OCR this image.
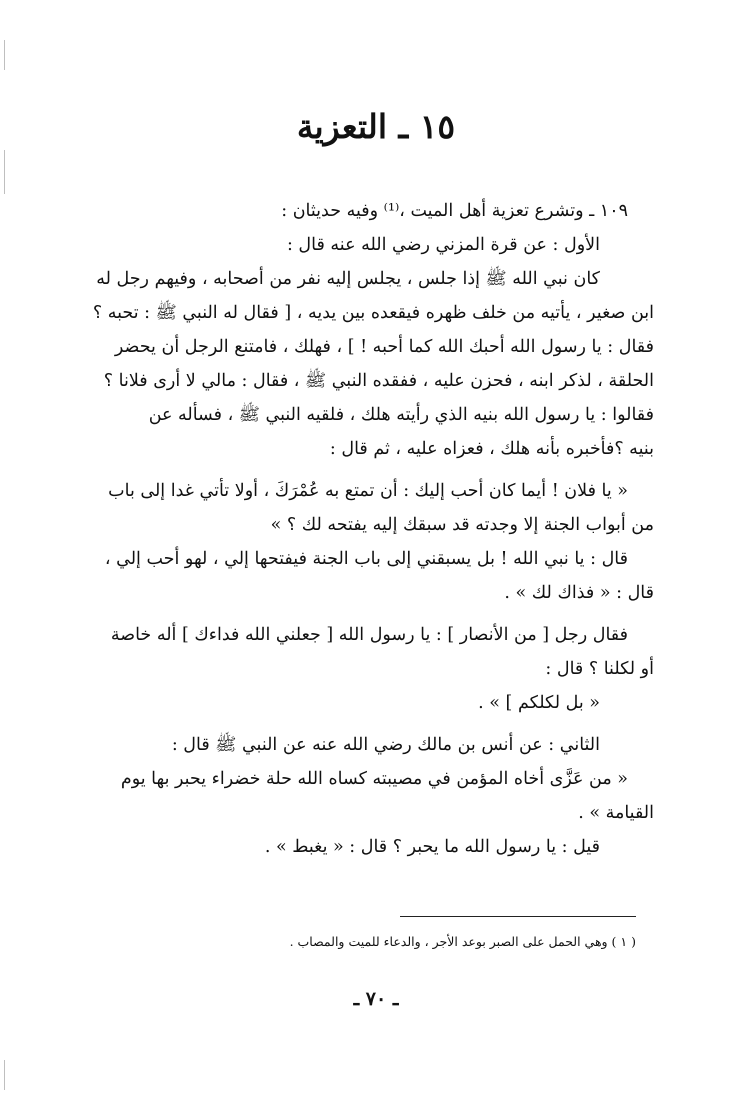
١٥ ـ التعزية
١٠٩ ـ وتشرع تعزية أهل الميت ،⁽¹⁾ وفيه حديثان :
الأول : عن قرة المزني رضي الله عنه قال :
كان نبي الله ﷺ إذا جلس ، يجلس إليه نفر من أصحابه ، وفيهم رجل له
ابن صغير ، يأتيه من خلف ظهره فيقعده بين يديه ، [ فقال له النبي ﷺ : تحبه ؟
فقال : يا رسول الله أحبك الله كما أحبه ! ] ، فهلك ، فامتنع الرجل أن يحضر
الحلقة ، لذكر ابنه ، فحزن عليه ، ففقده النبي ﷺ ، فقال : مالي لا أرى فلانا ؟
فقالوا : يا رسول الله بنيه الذي رأيته هلك ، فلقيه النبي ﷺ ، فسأله عن
بنيه ؟فأخبره بأنه هلك ، فعزاه عليه ، ثم قال :
« يا فلان ! أيما كان أحب إليك : أن تمتع به عُمْرَكَ ، أولا تأتي غدا إلى باب
من أبواب الجنة إلا وجدته قد سبقك إليه يفتحه لك ؟ »
قال : يا نبي الله ! بل يسبقني إلى باب الجنة فيفتحها إلي ، لهو أحب إلي ،
قال : « فذاك لك » .
فقال رجل [ من الأنصار ] : يا رسول الله [ جعلني الله فداءك ] أله خاصة
أو لكلنا ؟ قال :
« بل لكلكم ] » .
الثاني : عن أنس بن مالك رضي الله عنه عن النبي ﷺ قال :
« من عَزَّى أخاه المؤمن في مصيبته كساه الله حلة خضراء يحبر بها يوم
القيامة » .
قيل : يا رسول الله ما يحبر ؟ قال : « يغبط » .
( ١ ) وهي الحمل على الصبر بوعد الأجر ، والدعاء للميت والمصاب .
ـ ٧٠ ـ
